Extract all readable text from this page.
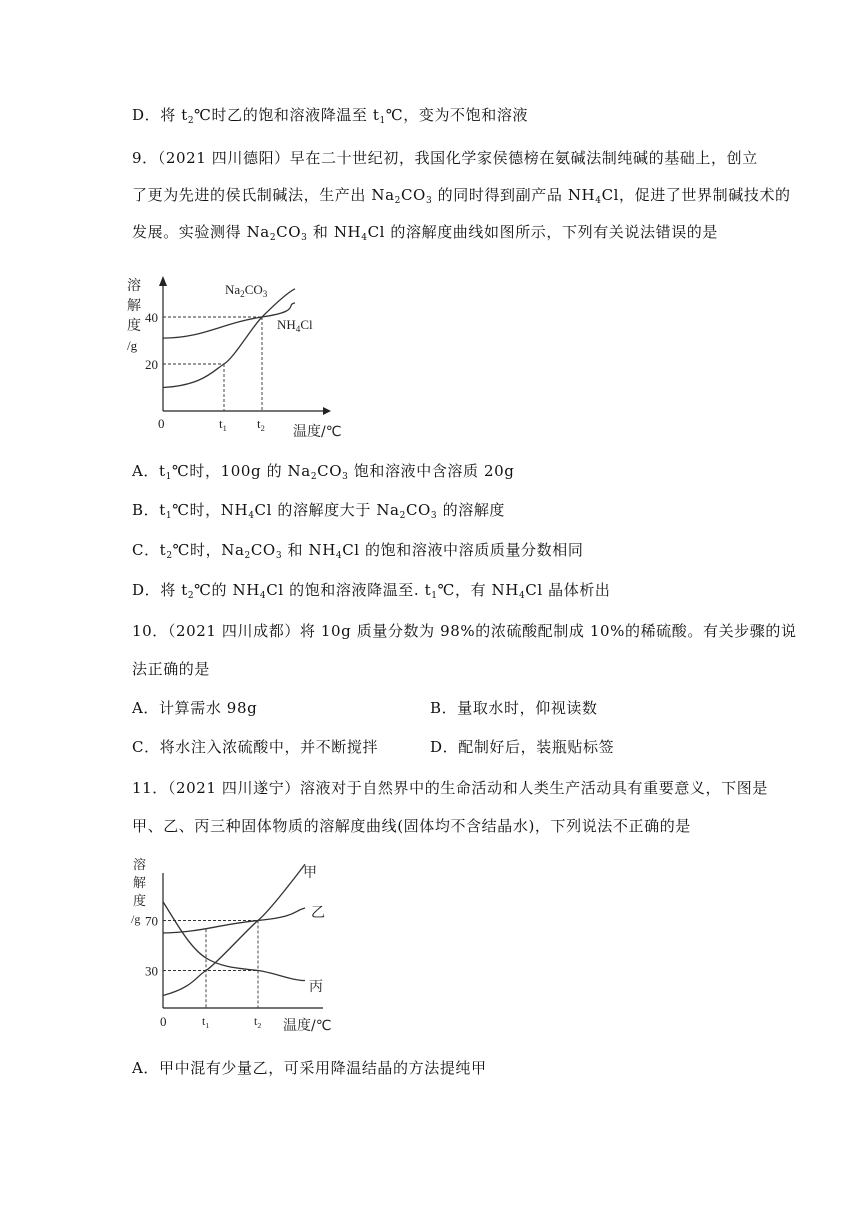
D．将 $t_2℃$时乙的饱和溶液降温至 $t_1℃$，变为不饱和溶液
9．（2021 四川德阳）早在二十世纪初，我国化学家侯德榜在氨碱法制纯碱的基础上，创立
了更为先进的侯氏制碱法，生产出 $Na_2CO_3$ 的同时得到副产品 $NH_4Cl$，促进了世界制碱技术的
发展。实验测得 $Na_2CO_3$ 和 $NH_4Cl$ 的溶解度曲线如图所示，下列有关说法错误的是
$Na_2CO_3$
$NH_4Cl$
40
20
0	$t_1$ $t_2$ 温度/℃
溶
解
度
/g
A．$t_1℃$时，100g 的 $Na_2CO_3$ 饱和溶液中含溶质 20g
B．$t_1℃$时，$NH_4Cl$ 的溶解度大于 $Na_2CO_3$ 的溶解度
C．$t_2℃$时，$Na_2CO_3$ 和 $NH_4Cl$ 的饱和溶液中溶质质量分数相同
D．将 $t_2℃$的 $NH_4Cl$ 的饱和溶液降温至. $t_1℃$，有 $NH_4Cl$ 晶体析出
10．（2021 四川成都）将 10g 质量分数为 98%的浓硫酸配制成 10%的稀硫酸。有关步骤的说
法正确的是
A．计算需水 98g	B．量取水时，仰视读数
C．将水注入浓硫酸中，并不断搅拌	D．配制好后，装瓶贴标签
11．（2021 四川遂宁）溶液对于自然界中的生命活动和人类生产活动具有重要意义，下图是
甲、乙、丙三种固体物质的溶解度曲线(固体均不含结晶水)，下列说法不正确的是
甲
乙
丙
70
30
0	$t_1$	$t_2$ 温度/℃
溶
解
度
/g
A．甲中混有少量乙，可采用降温结晶的方法提纯甲
